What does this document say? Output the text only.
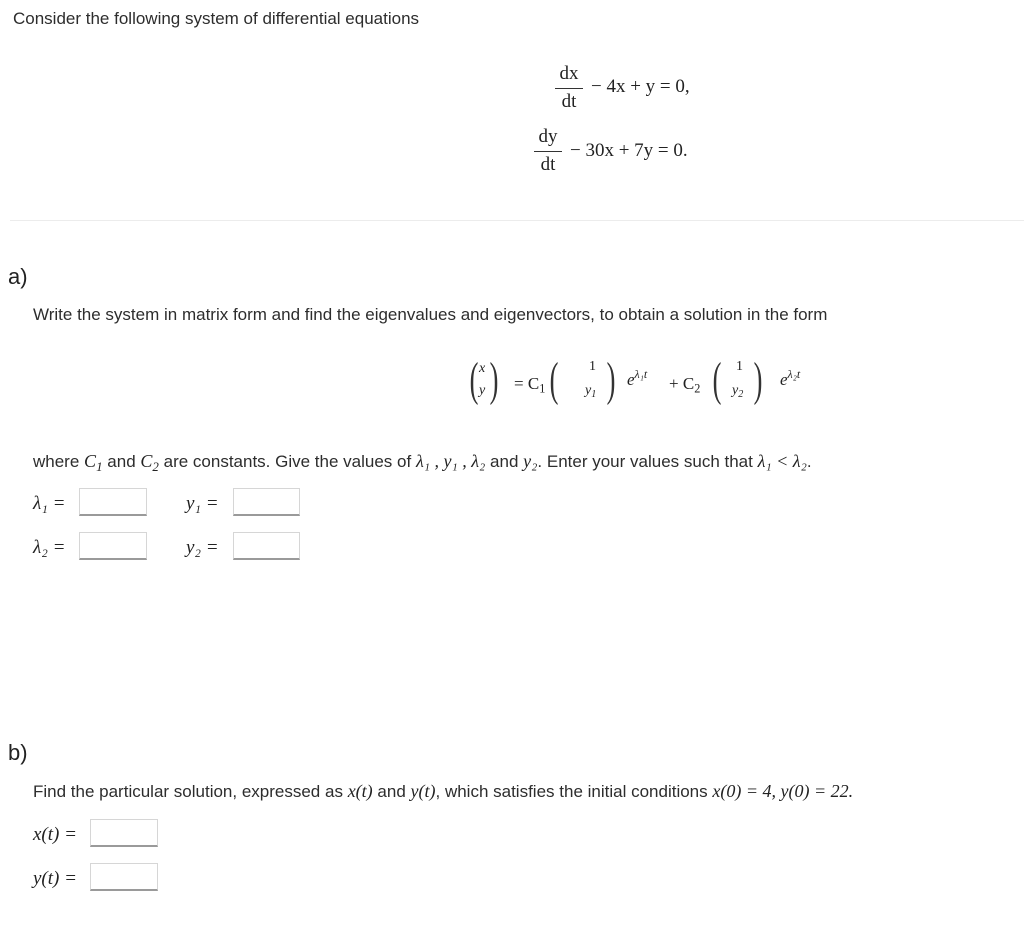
Consider the following system of differential equations
dx
dt
− 4x + y = 0,
dy
dt
− 30x + 7y = 0.
a)
Write the system in matrix form and find the eigenvalues and eigenvectors, to obtain a solution in the form
( x
y ) = $C_1$ ( 1
$y_1$ ) $e^{\lambda_1t}$
+ $C_2$ ( 1
$y_2$ ) $e^{\lambda_2t}$
where $C_1$ and $C_2$ are constants. Give the values of λ₁ , y₁ , λ₂ and y₂. Enter your values such that λ₁ < λ₂.
λ₁ =	y₁ =
λ₂ =	y₂ =
b)
Find the particular solution, expressed as x(t) and y(t), which satisfies the initial conditions x(0) = 4, y(0) = 22.
x(t) =
y(t) =
